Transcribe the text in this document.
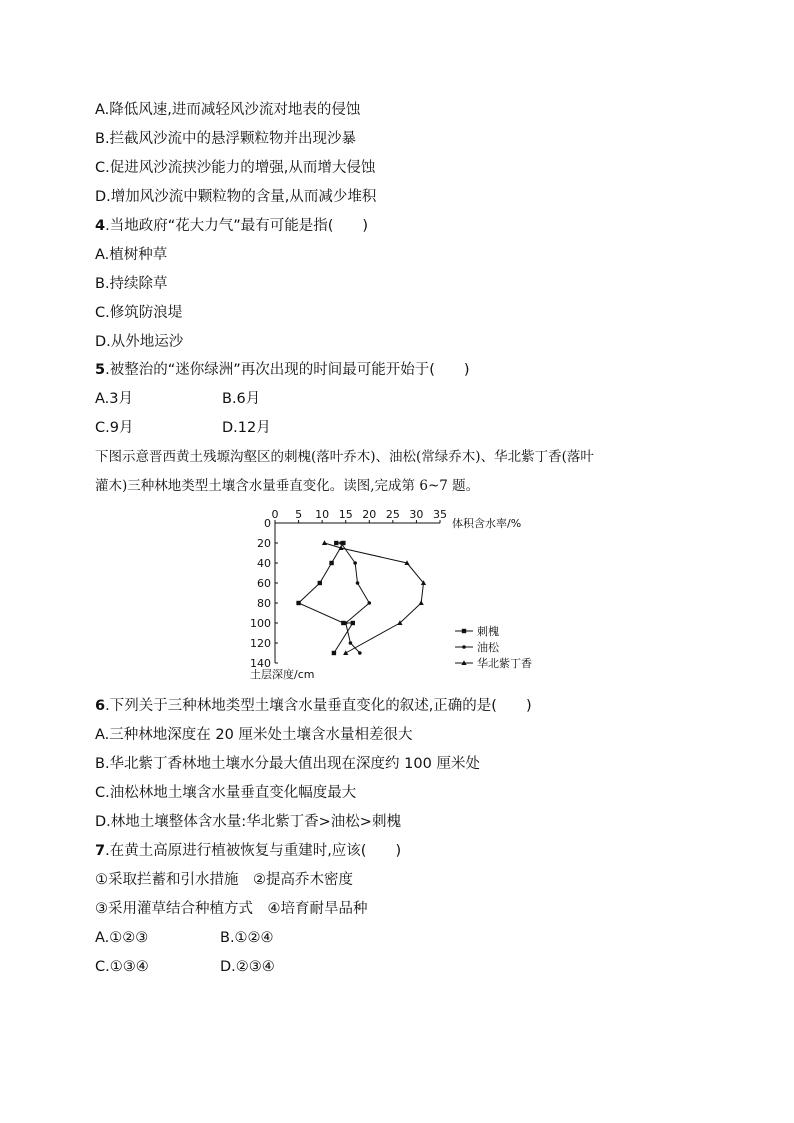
A.降低风速,进而减轻风沙流对地表的侵蚀
B.拦截风沙流中的悬浮颗粒物并出现沙暴
C.促进风沙流挟沙能力的增强,从而增大侵蚀
D.增加风沙流中颗粒物的含量,从而减少堆积
4.当地政府“花大力气”最有可能是指(　　)
A.植树种草
B.持续除草
C.修筑防浪堤
D.从外地运沙
5.被整治的“迷你绿洲”再次出现的时间最可能开始于(　　)
A.3月	B.6月
C.9月	D.12月
下图示意晋西黄土残塬沟壑区的刺槐(落叶乔木)、油松(常绿乔木)、华北紫丁香(落叶
灌木)三种林地类型土壤含水量垂直变化。读图,完成第 6~7 题。
0 5 10 15 20 25 30 35
0
20
40
60
80
100
120
140
体积含水率/%
土层深度/cm
刺槐
油松
华北紫丁香
6.下列关于三种林地类型土壤含水量垂直变化的叙述,正确的是(　　)
A.三种林地深度在 20 厘米处土壤含水量相差很大
B.华北紫丁香林地土壤水分最大值出现在深度约 100 厘米处
C.油松林地土壤含水量垂直变化幅度最大
D.林地土壤整体含水量:华北紫丁香>油松>刺槐
7.在黄土高原进行植被恢复与重建时,应该(　　)
①采取拦蓄和引水措施　②提高乔木密度
③采用灌草结合种植方式　④培育耐旱品种
A.①②③	B.①②④
C.①③④	D.②③④
